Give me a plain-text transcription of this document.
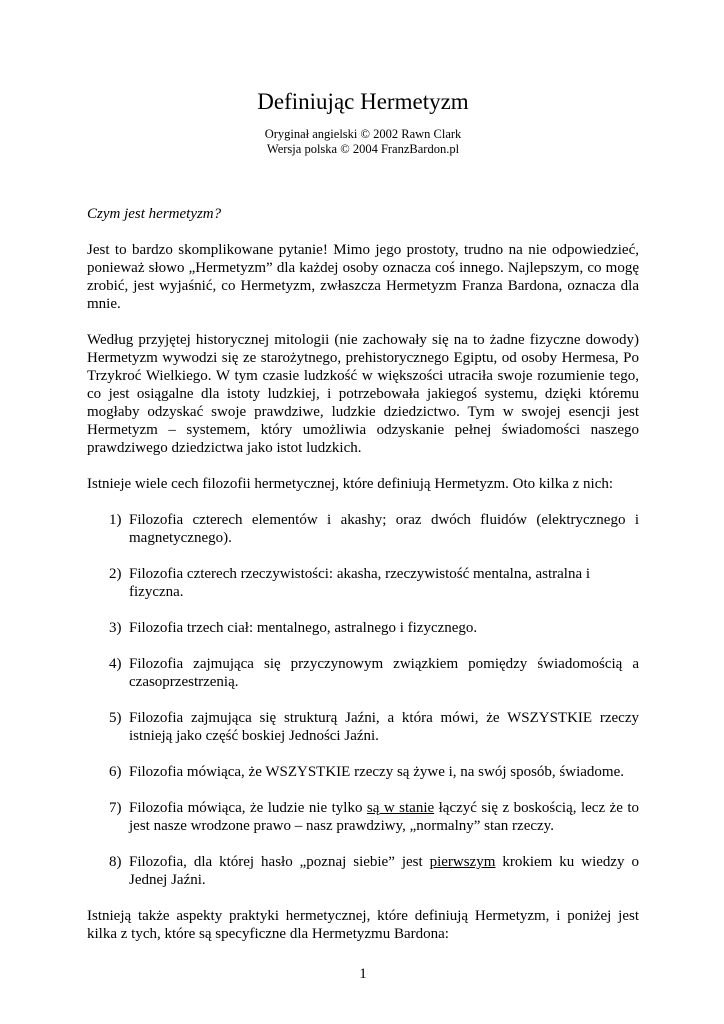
Definiując Hermetyzm
Oryginał angielski © 2002 Rawn Clark
Wersja polska © 2004 FranzBardon.pl

Czym jest hermetyzm?

Jest to bardzo skomplikowane pytanie! Mimo jego prostoty, trudno na nie odpowiedzieć, ponieważ słowo „Hermetyzm” dla każdej osoby oznacza coś innego. Najlepszym, co mogę zrobić, jest wyjaśnić, co Hermetyzm, zwłaszcza Hermetyzm Franza Bardona, oznacza dla mnie.

Według przyjętej historycznej mitologii (nie zachowały się na to żadne fizyczne dowody) Hermetyzm wywodzi się ze starożytnego, prehistorycznego Egiptu, od osoby Hermesa, Po Trzykroć Wielkiego. W tym czasie ludzkość w większości utraciła swoje rozumienie tego, co jest osiągalne dla istoty ludzkiej, i potrzebowała jakiegoś systemu, dzięki któremu mogłaby odzyskać swoje prawdziwe, ludzkie dziedzictwo. Tym w swojej esencji jest Hermetyzm – systemem, który umożliwia odzyskanie pełnej świadomości naszego prawdziwego dziedzictwa jako istot ludzkich.

Istnieje wiele cech filozofii hermetycznej, które definiują Hermetyzm. Oto kilka z nich:

1) Filozofia czterech elementów i akashy; oraz dwóch fluidów (elektrycznego i magnetycznego).
2) Filozofia czterech rzeczywistości: akasha, rzeczywistość mentalna, astralna i fizyczna.
3) Filozofia trzech ciał: mentalnego, astralnego i fizycznego.
4) Filozofia zajmująca się przyczynowym związkiem pomiędzy świadomością a czasoprzestrzenią.
5) Filozofia zajmująca się strukturą Jaźni, a która mówi, że WSZYSTKIE rzeczy istnieją jako część boskiej Jedności Jaźni.
6) Filozofia mówiąca, że WSZYSTKIE rzeczy są żywe i, na swój sposób, świadome.
7) Filozofia mówiąca, że ludzie nie tylko są w stanie łączyć się z boskością, lecz że to jest nasze wrodzone prawo – nasz prawdziwy, „normalny” stan rzeczy.
8) Filozofia, dla której hasło „poznaj siebie” jest pierwszym krokiem ku wiedzy o Jednej Jaźni.

Istnieją także aspekty praktyki hermetycznej, które definiują Hermetyzm, i poniżej jest kilka z tych, które są specyficzne dla Hermetyzmu Bardona:

1
